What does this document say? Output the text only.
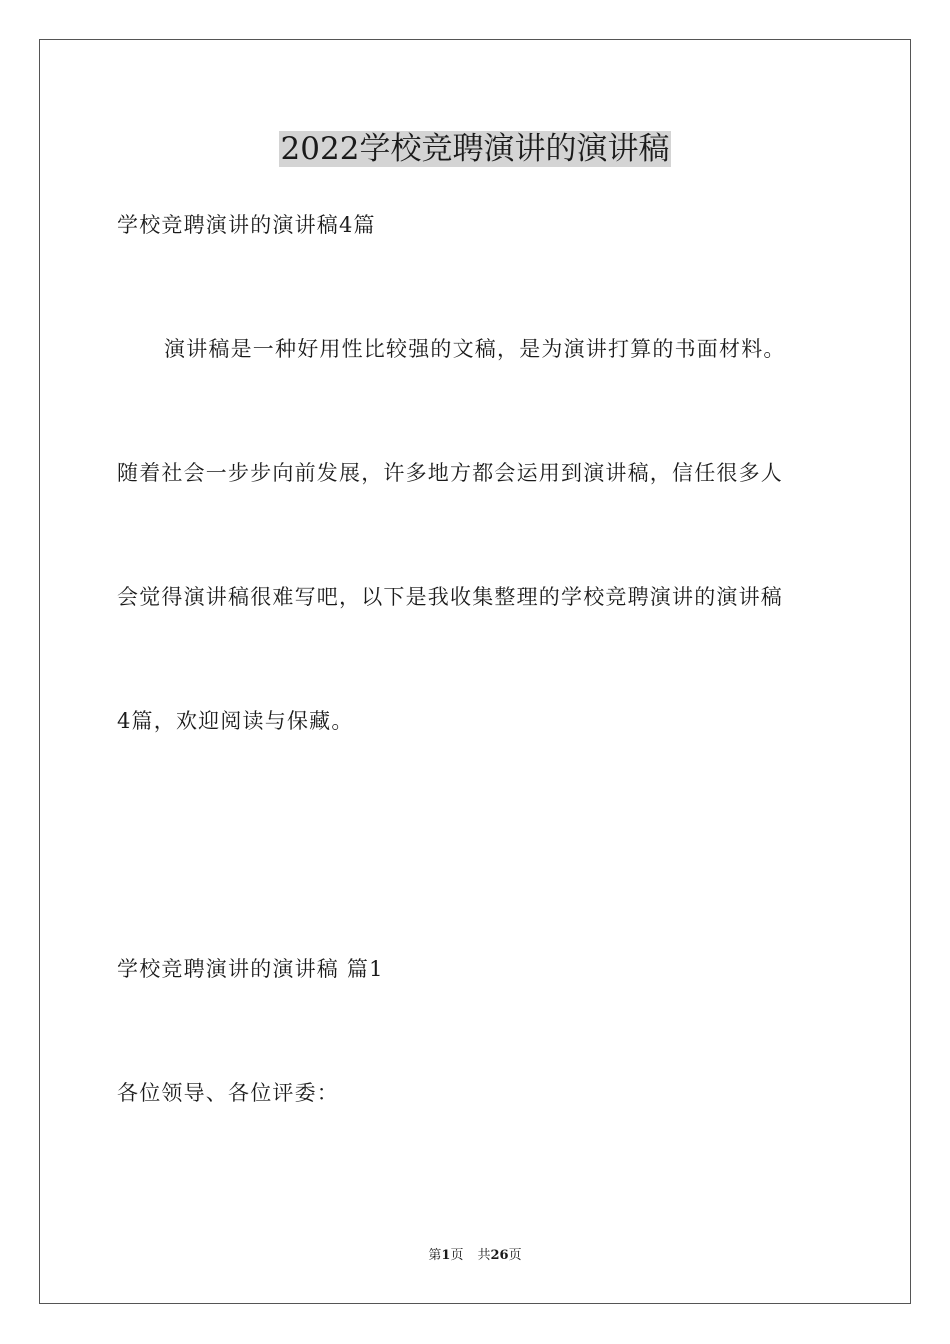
2022学校竞聘演讲的演讲稿
学校竞聘演讲的演讲稿4篇
演讲稿是一种好用性比较强的文稿，是为演讲打算的书面材料。
随着社会一步步向前发展，许多地方都会运用到演讲稿，信任很多人
会觉得演讲稿很难写吧，以下是我收集整理的学校竞聘演讲的演讲稿
4篇，欢迎阅读与保藏。
学校竞聘演讲的演讲稿 篇1
各位领导、各位评委：
第1页 共26页
